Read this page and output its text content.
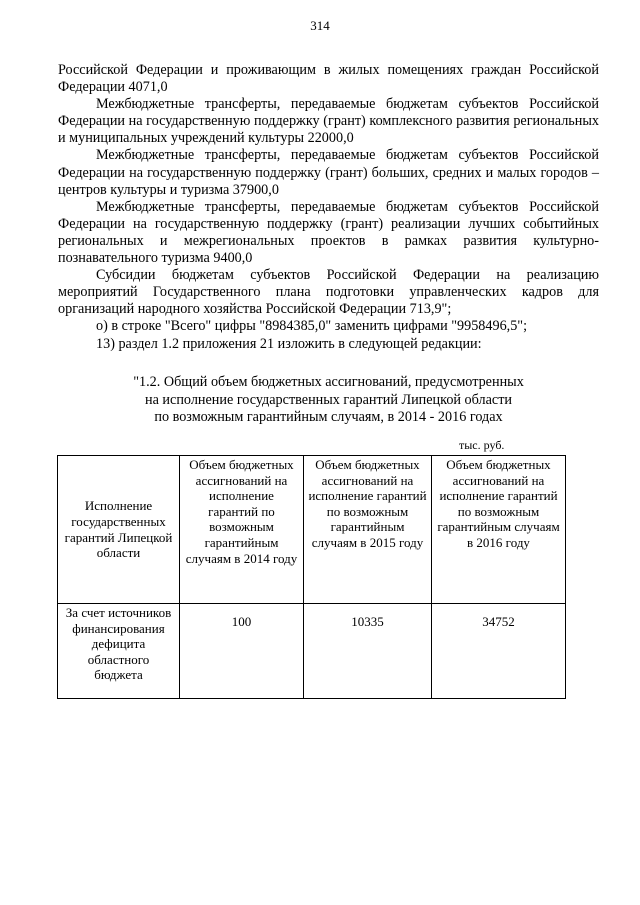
314

Российской Федерации и проживающим в жилых помещениях граждан Российской Федерации 4071,0

Межбюджетные трансферты, передаваемые бюджетам субъектов Российской Федерации на государственную поддержку (грант) комплексного развития региональных и муниципальных учреждений культуры 22000,0

Межбюджетные трансферты, передаваемые бюджетам субъектов Российской Федерации на государственную поддержку (грант) больших, средних и малых городов – центров культуры и туризма 37900,0

Межбюджетные трансферты, передаваемые бюджетам субъектов Российской Федерации на государственную поддержку (грант) реализации лучших событийных региональных и межрегиональных проектов в рамках развития культурно-познавательного туризма 9400,0

Субсидии бюджетам субъектов Российской Федерации на реализацию мероприятий Государственного плана подготовки управленческих кадров для организаций народного хозяйства Российской Федерации 713,9";

о) в строке "Всего" цифры "8984385,0" заменить цифрами "9958496,5";

13) раздел 1.2 приложения 21 изложить в следующей редакции:

"1.2. Общий объем бюджетных ассигнований, предусмотренных
на исполнение государственных гарантий Липецкой области
по возможным гарантийным случаям, в 2014 - 2016 годах
тыс. руб.
Исполнение государственных гарантий Липецкой области	Объем бюджетных ассигнований на исполнение гарантий по возможным гарантийным случаям в 2014 году	Объем бюджетных ассигнований на исполнение гарантий по возможным гарантийным случаям в 2015 году	Объем бюджетных ассигнований на исполнение гарантий по возможным гарантийным случаям в 2016 году
За счет источников финансирования дефицита областного бюджета	100	10335	34752
